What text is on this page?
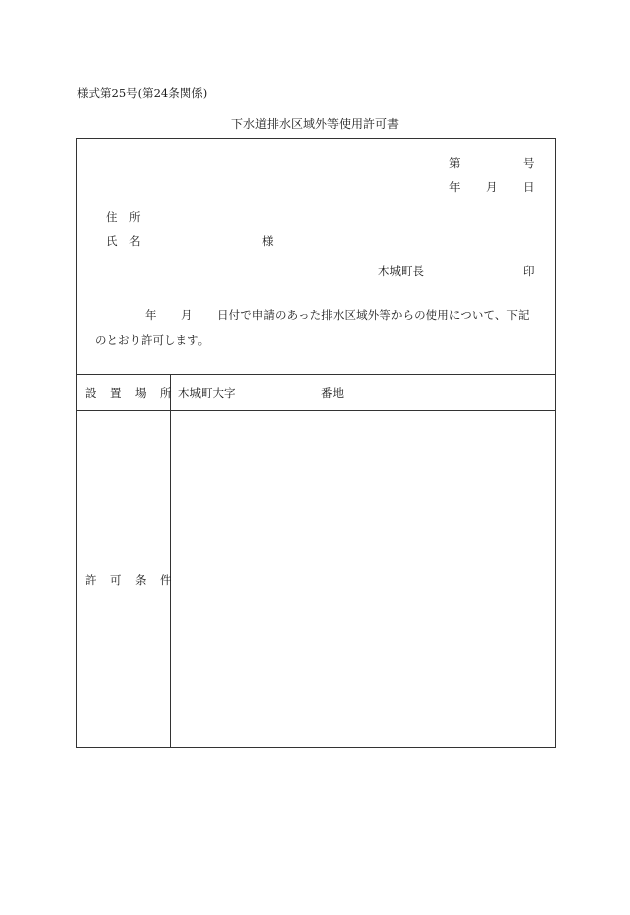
様式第25号(第24条関係)
下水道排水区域外等使用許可書
第	号
年 月 日
住　所
氏　名	様
木城町長	印
年 月 日付で申請のあった排水区域外等からの使用について、下記
のとおり許可します。
設　置　場　所 木城町大字	番地
許　可　条　件
